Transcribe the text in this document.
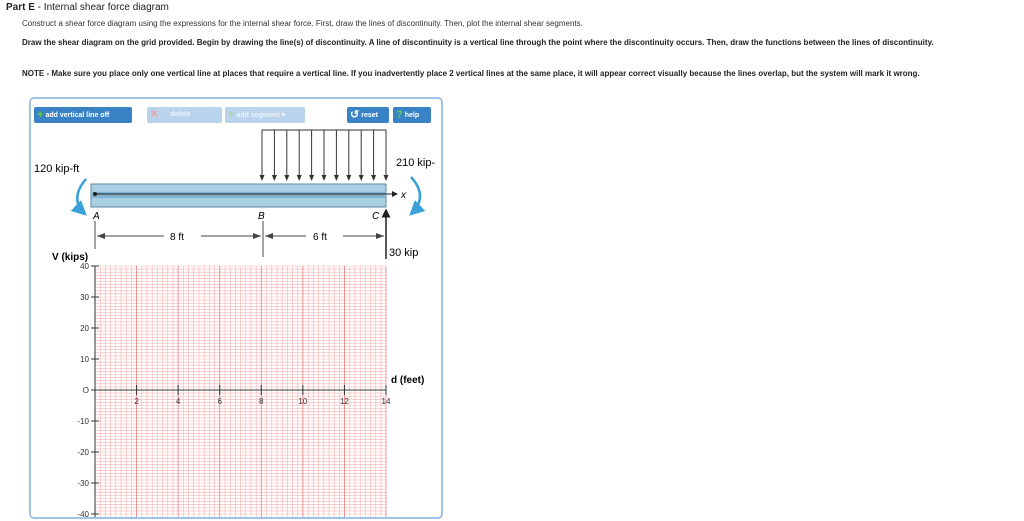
Part E - Internal shear force diagram
Construct a shear force diagram using the expressions for the internal shear force. First, draw the lines of discontinuity. Then, plot the internal shear segments.
Draw the shear diagram on the grid provided. Begin by drawing the line(s) of discontinuity. A line of discontinuity is a vertical line through the point where the discontinuity occurs. Then, draw the functions between the lines of discontinuity.
NOTE - Make sure you place only one vertical line at places that require a vertical line. If you inadvertently place 2 vertical lines at the same place, it will appear correct visually because the lines overlap, but the system will mark it wrong.
+ add vertical line off	✕ delete	+ add segment ▾	↺ reset	? help
x
120 kip-ft	210 kip-
A	B	C
8 ft	6 ft
30 kip
40
30
20
10
O
-10
-20
-30
-40
2	4	6	8	10	12	14
V (kips)
d (feet)
